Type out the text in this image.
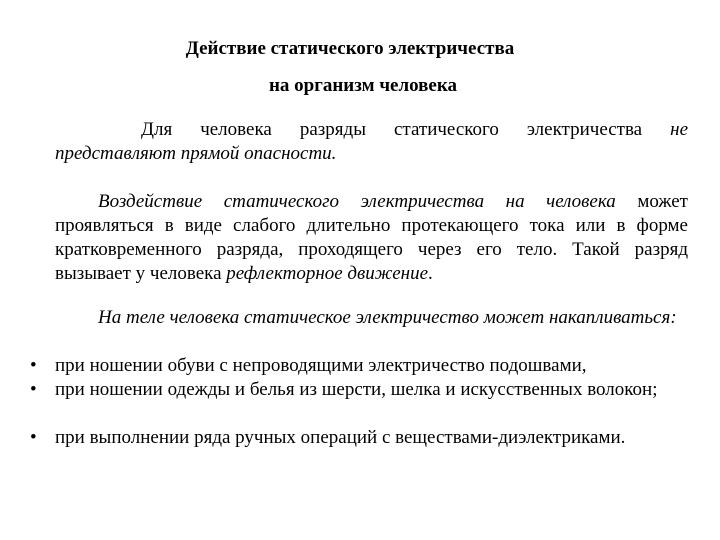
Действие статического электричества
на организм человека
Для человека разряды статического электричества не представляют прямой опасности.
Воздействие статического электричества на человека может проявляться в виде слабого длительно протекающего тока или в форме кратковременного разряда, проходящего через его тело. Такой разряд вызывает у человека рефлекторное движение.
На теле человека статическое электричество может накапливаться:
• при ношении обуви с непроводящими электричество подошвами,
• при ношении одежды и белья из шерсти, шелка и искусственных волокон;
• при выполнении ряда ручных операций с веществами-диэлектриками.
